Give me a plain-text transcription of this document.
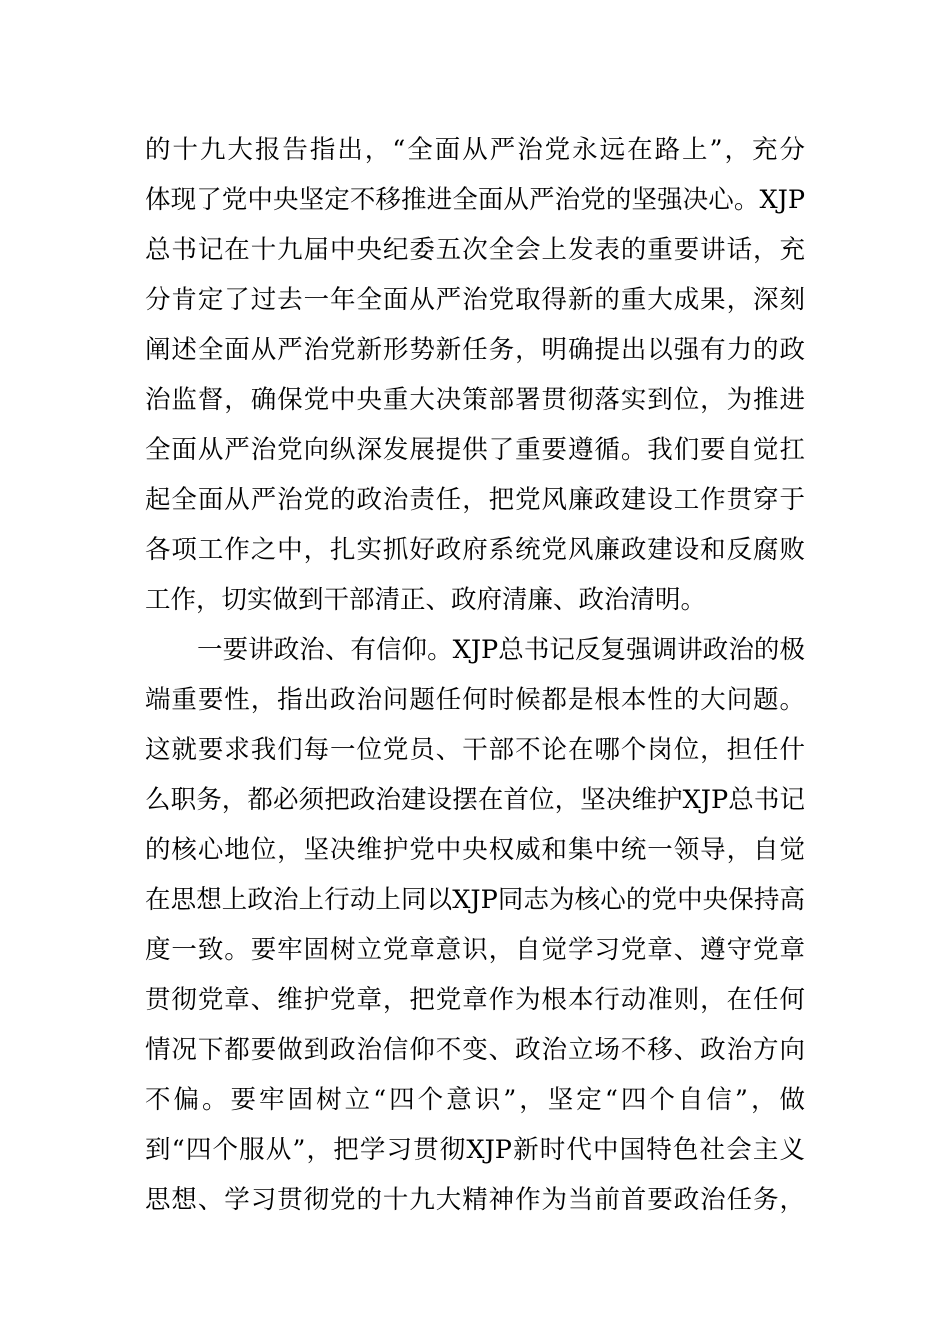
的十九大报告指出，“全面从严治党永远在路上”，充分
体现了党中央坚定不移推进全面从严治党的坚强决心。XJP
总书记在十九届中央纪委五次全会上发表的重要讲话，充
分肯定了过去一年全面从严治党取得新的重大成果，深刻
阐述全面从严治党新形势新任务，明确提出以强有力的政
治监督，确保党中央重大决策部署贯彻落实到位，为推进
全面从严治党向纵深发展提供了重要遵循。我们要自觉扛
起全面从严治党的政治责任，把党风廉政建设工作贯穿于
各项工作之中，扎实抓好政府系统党风廉政建设和反腐败
工作，切实做到干部清正、政府清廉、政治清明。
一要讲政治、有信仰。XJP总书记反复强调讲政治的极
端重要性，指出政治问题任何时候都是根本性的大问题。
这就要求我们每一位党员、干部不论在哪个岗位，担任什
么职务，都必须把政治建设摆在首位，坚决维护XJP总书记
的核心地位，坚决维护党中央权威和集中统一领导，自觉
在思想上政治上行动上同以XJP同志为核心的党中央保持高
度一致。要牢固树立党章意识，自觉学习党章、遵守党章
贯彻党章、维护党章，把党章作为根本行动准则，在任何
情况下都要做到政治信仰不变、政治立场不移、政治方向
不偏。要牢固树立“四个意识”，坚定“四个自信”，做
到“四个服从”，把学习贯彻XJP新时代中国特色社会主义
思想、学习贯彻党的十九大精神作为当前首要政治任务，
